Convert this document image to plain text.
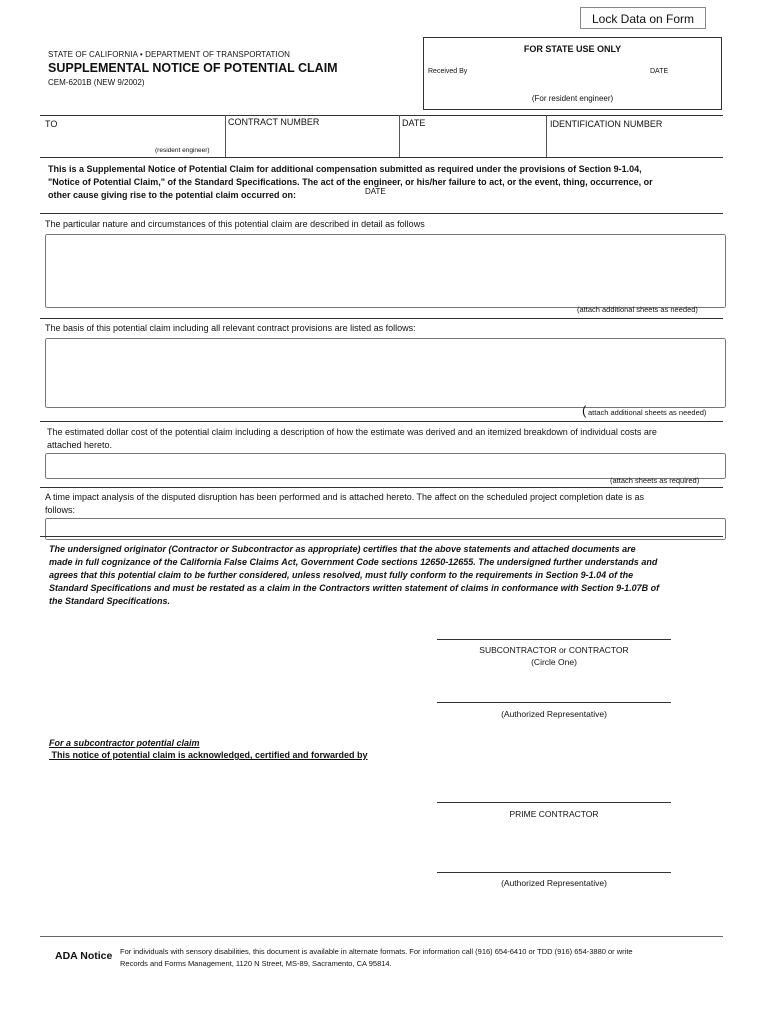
Lock Data on Form
STATE OF CALIFORNIA • DEPARTMENT OF TRANSPORTATION
SUPPLEMENTAL NOTICE OF POTENTIAL CLAIM
CEM-6201B (NEW 9/2002)
FOR STATE USE ONLY
Received By	DATE
(For resident engineer)
TO
(resident engineer)
CONTRACT NUMBER	DATE	IDENTIFICATION NUMBER
This is a Supplemental Notice of Potential Claim for additional compensation submitted as required under the provisions of Section 9-1.04,
"Notice of Potential Claim," of the Standard Specifications. The act of the engineer, or his/her failure to act, or the event, thing, occurrence, or
other cause giving rise to the potential claim occurred on:	DATE
The particular nature and circumstances of this potential claim are described in detail as follows
(attach additional sheets as needed)
The basis of this potential claim including all relevant contract provisions are listed as follows:
( attach additional sheets as needed)
The estimated dollar cost of the potential claim including a description of how the estimate was derived and an itemized breakdown of individual costs are
attached hereto.
(attach sheets as required)
A time impact analysis of the disputed disruption has been performed and is attached hereto. The affect on the scheduled project completion date is as
follows:
The undersigned originator (Contractor or Subcontractor as appropriate) certifies that the above statements and attached documents are
made in full cognizance of the California False Claims Act, Government Code sections 12650-12655. The undersigned further understands and
agrees that this potential claim to be further considered, unless resolved, must fully conform to the requirements in Section 9-1.04 of the
Standard Specifications and must be restated as a claim in the Contractors written statement of claims in conformance with Section 9-1.07B of
the Standard Specifications.
SUBCONTRACTOR or CONTRACTOR
(Circle One)
(Authorized Representative)
For a subcontractor potential claim
This notice of potential claim is acknowledged, certified and forwarded by
PRIME CONTRACTOR
(Authorized Representative)
ADA Notice For individuals with sensory disabilities, this document is available in alternate formats. For information call (916) 654-6410 or TDD (916) 654-3880 or write
Records and Forms Management, 1120 N Street, MS-89, Sacramento, CA 95814.
